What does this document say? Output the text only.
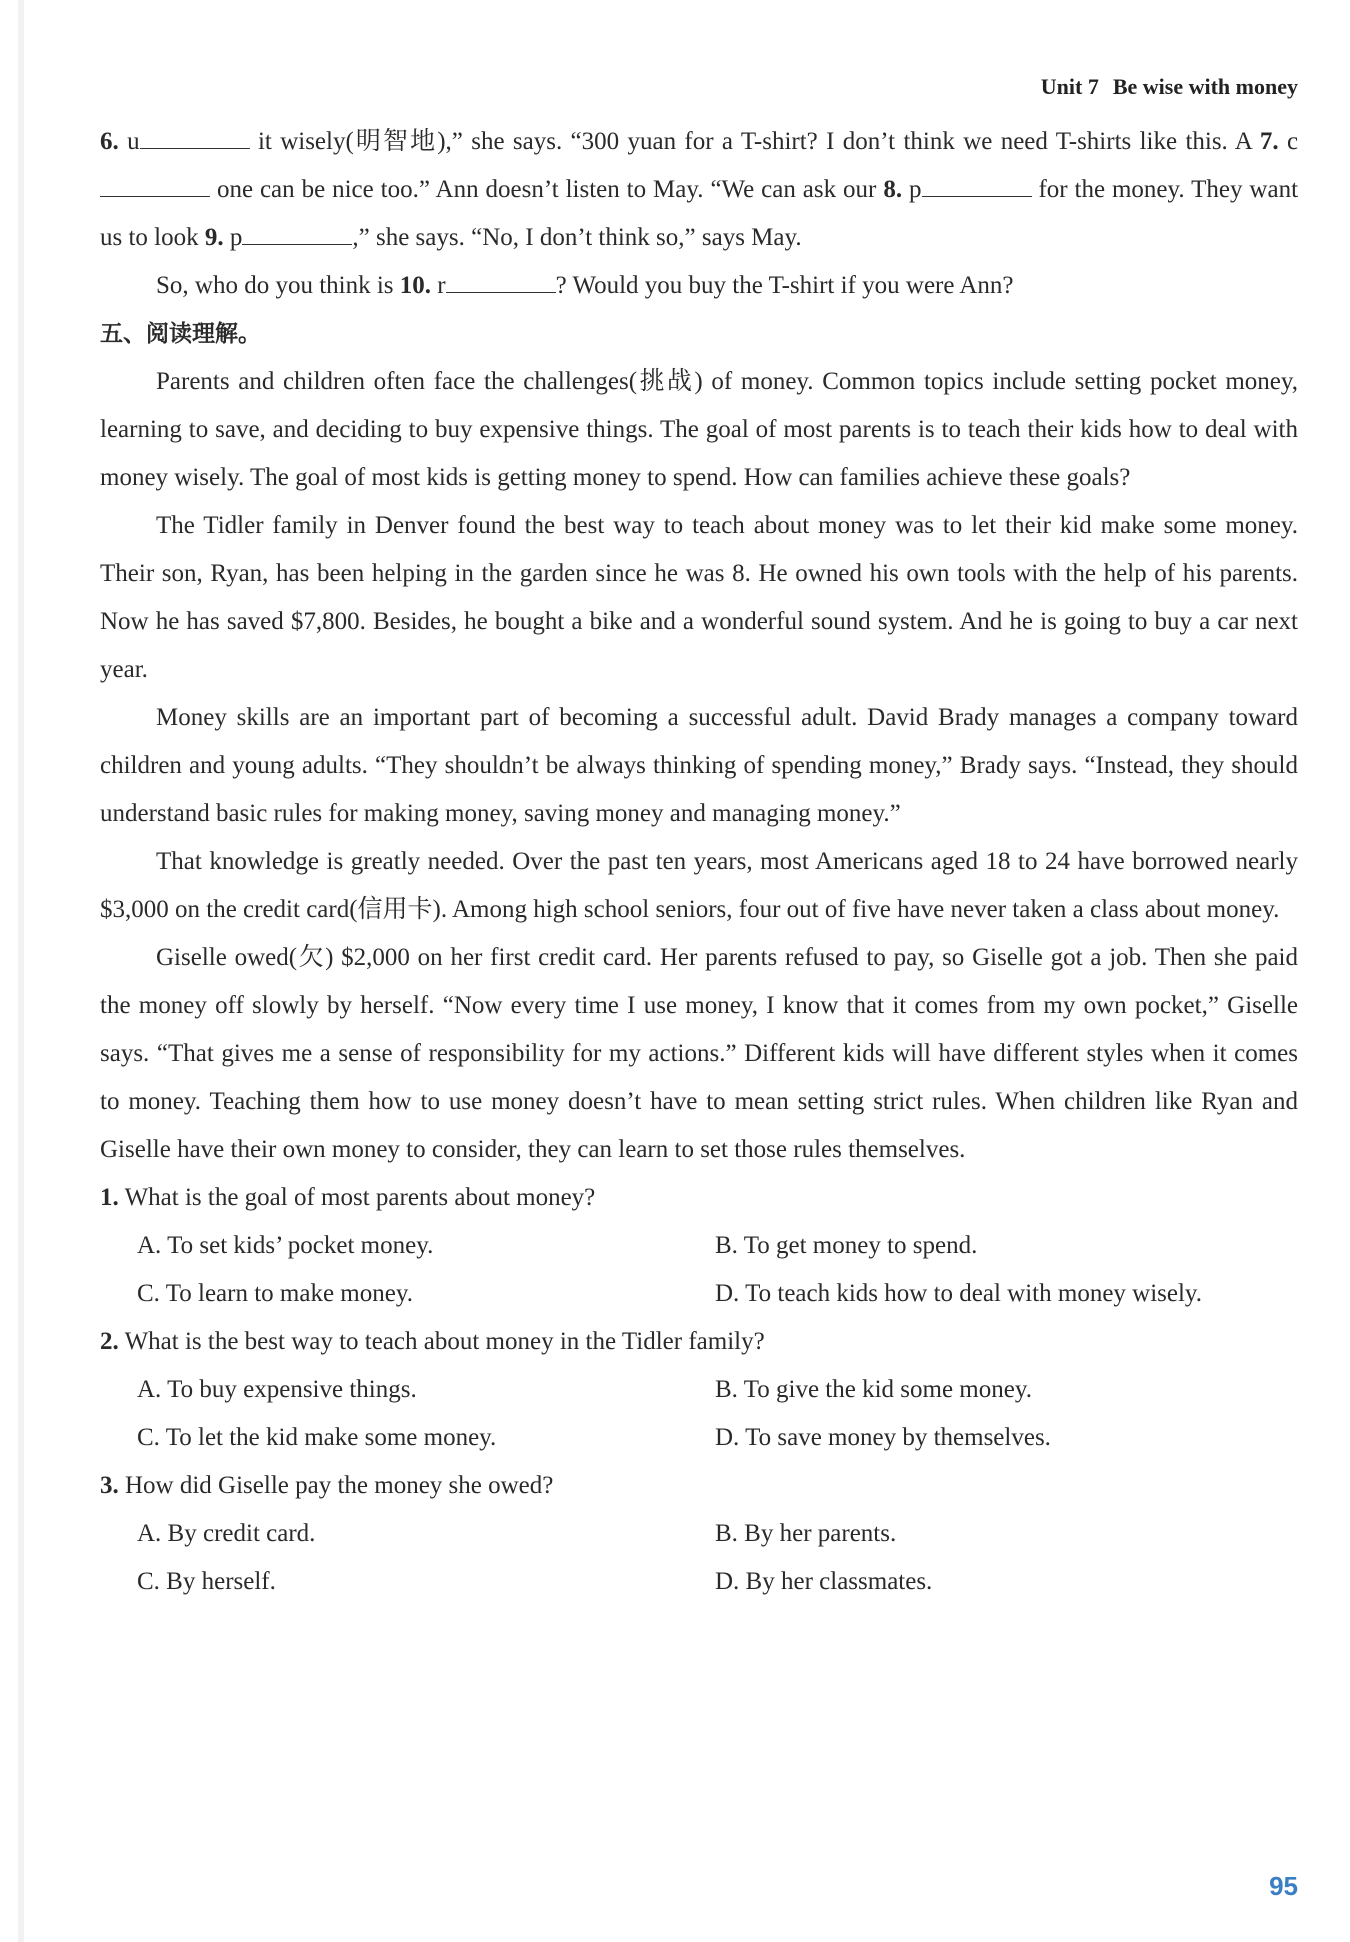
Unit 7 Be wise with money

6. u	it wisely(明智地),” she says. “300 yuan for a T-shirt? I don’t think we need T-shirts like this. A 7. c one can be nice too.” Ann doesn’t listen to May. “We can ask our 8. p	for the money. They want us to look 9. p	,” she says. “No, I don’t think so,” says May.

So, who do you think is 10. r	? Would you buy the T-shirt if you were Ann?

五、阅读理解。

Parents and children often face the challenges(挑战) of money. Common topics include setting pocket money, learning to save, and deciding to buy expensive things. The goal of most parents is to teach their kids how to deal with money wisely. The goal of most kids is getting money to spend. How can families achieve these goals?

The Tidler family in Denver found the best way to teach about money was to let their kid make some money. Their son, Ryan, has been helping in the garden since he was 8. He owned his own tools with the help of his parents. Now he has saved $7,800. Besides, he bought a bike and a wonderful sound system. And he is going to buy a car next year.

Money skills are an important part of becoming a successful adult. David Brady manages a company toward children and young adults. “They shouldn’t be always thinking of spending money,” Brady says. “Instead, they should understand basic rules for making money, saving money and managing money.”

That knowledge is greatly needed. Over the past ten years, most Americans aged 18 to 24 have borrowed nearly $3,000 on the credit card(信用卡). Among high school seniors, four out of five have never taken a class about money.

Giselle owed(欠) $2,000 on her first credit card. Her parents refused to pay, so Giselle got a job. Then she paid the money off slowly by herself. “Now every time I use money, I know that it comes from my own pocket,” Giselle says. “That gives me a sense of responsibility for my actions.” Different kids will have different styles when it comes to money. Teaching them how to use money doesn’t have to mean setting strict rules. When children like Ryan and Giselle have their own money to consider, they can learn to set those rules themselves.

1. What is the goal of most parents about money?

A. To set kids’ pocket money.	B. To get money to spend.
C. To learn to make money.	D. To teach kids how to deal with money wisely.

2. What is the best way to teach about money in the Tidler family?

A. To buy expensive things.	B. To give the kid some money.
C. To let the kid make some money.	D. To save money by themselves.

3. How did Giselle pay the money she owed?

A. By credit card.	B. By her parents.
C. By herself.	D. By her classmates.
95
